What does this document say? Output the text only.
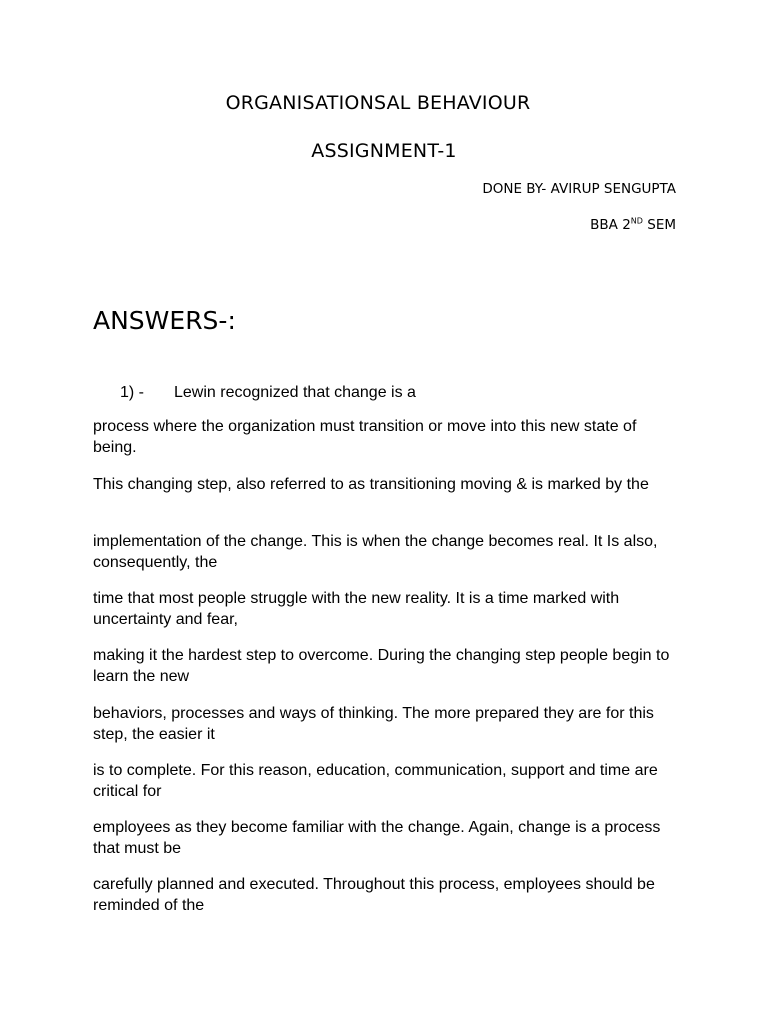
ORGANISATIONSAL BEHAVIOUR
ASSIGNMENT-1

DONE BY- AVIRUP SENGUPTA

BBA 2ND SEM

ANSWERS-:
1) - Lewin recognized that change is a

process where the organization must transition or move into this new state of being.

This changing step, also referred to as transitioning moving & is marked by the

implementation of the change. This is when the change becomes real. It Is also, consequently, the

time that most people struggle with the new reality. It is a time marked with uncertainty and fear,

making it the hardest step to overcome. During the changing step people begin to learn the new

behaviors, processes and ways of thinking. The more prepared they are for this step, the easier it

is to complete. For this reason, education, communication, support and time are critical for

employees as they become familiar with the change. Again, change is a process that must be

carefully planned and executed. Throughout this process, employees should be reminded of the
